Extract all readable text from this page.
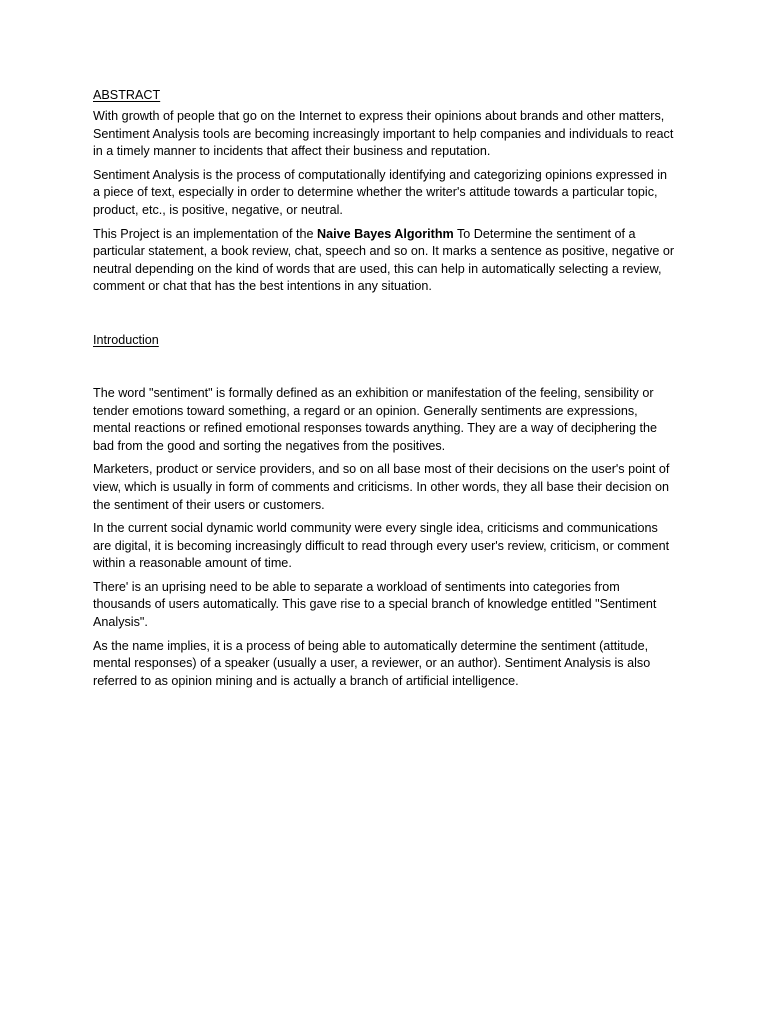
ABSTRACT

With growth of people that go on the Internet to express their opinions about brands and other matters, Sentiment Analysis tools are becoming increasingly important to help companies and individuals to react in a timely manner to incidents that affect their business and reputation.

Sentiment Analysis is the process of computationally identifying and categorizing opinions expressed in a piece of text, especially in order to determine whether the writer's attitude towards a particular topic, product, etc., is positive, negative, or neutral.

This Project is an implementation of the Naive Bayes Algorithm To Determine the sentiment of a particular statement, a book review, chat, speech and so on. It marks a sentence as positive, negative or neutral depending on the kind of words that are used, this can help in automatically selecting a review, comment or chat that has the best intentions in any situation.

Introduction

The word "sentiment" is formally defined as an exhibition or manifestation of the feeling, sensibility or tender emotions toward something, a regard or an opinion. Generally sentiments are expressions, mental reactions or refined emotional responses towards anything. They are a way of deciphering the bad from the good and sorting the negatives from the positives.

Marketers, product or service providers, and so on all base most of their decisions on the user's point of view, which is usually in form of comments and criticisms. In other words, they all base their decision on the sentiment of their users or customers.

In the current social dynamic world community were every single idea, criticisms and communications are digital, it is becoming increasingly difficult to read through every user's review, criticism, or comment within a reasonable amount of time.

There' is an uprising need to be able to separate a workload of sentiments into categories from thousands of users automatically. This gave rise to a special branch of knowledge entitled "Sentiment Analysis".

As the name implies, it is a process of being able to automatically determine the sentiment (attitude, mental responses) of a speaker (usually a user, a reviewer, or an author). Sentiment Analysis is also referred to as opinion mining and is actually a branch of artificial intelligence.
